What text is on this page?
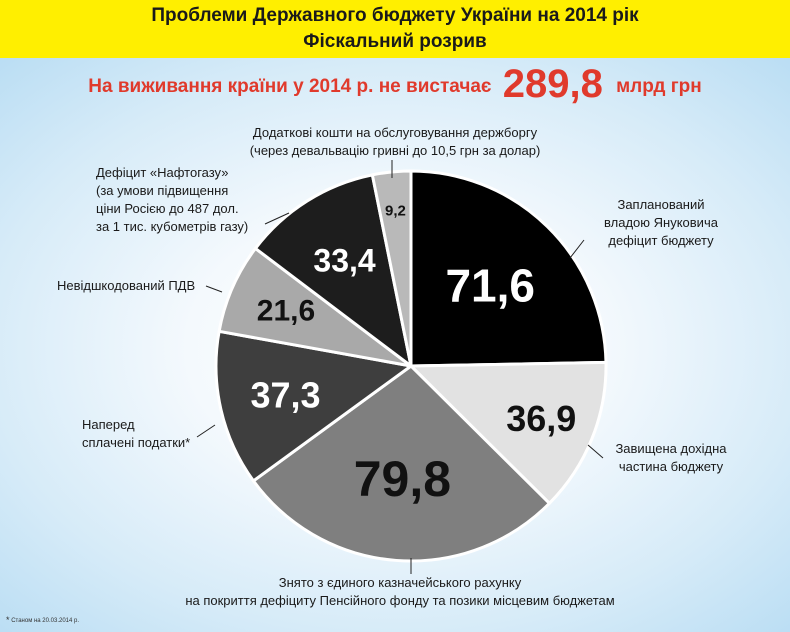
Проблеми Державного бюджету України на 2014 рік
Фіскальний розрив
На виживання країни у 2014 р. не вистачає 289,8 млрд грн
71,6
36,9
79,8
37,3
21,6
33,4
9,2	Запланований
владою Януковича
дефіцит бюджету
Завищена дохідна
частина бюджету
Знято з єдиного казначейського рахунку
на покриття дефіциту Пенсійного фонду та позики місцевим бюджетам
Наперед
сплачені податки*
Невідшкодований ПДВ
Дефіцит «Нафтогазу»
(за умови підвищення
ціни Росією до 487 дол.
за 1 тис. кубометрів газу)
Додаткові кошти на обслуговування держборгу
(через девальвацію гривні до 10,5 грн за долар)
* Станом на 20.03.2014 р.
